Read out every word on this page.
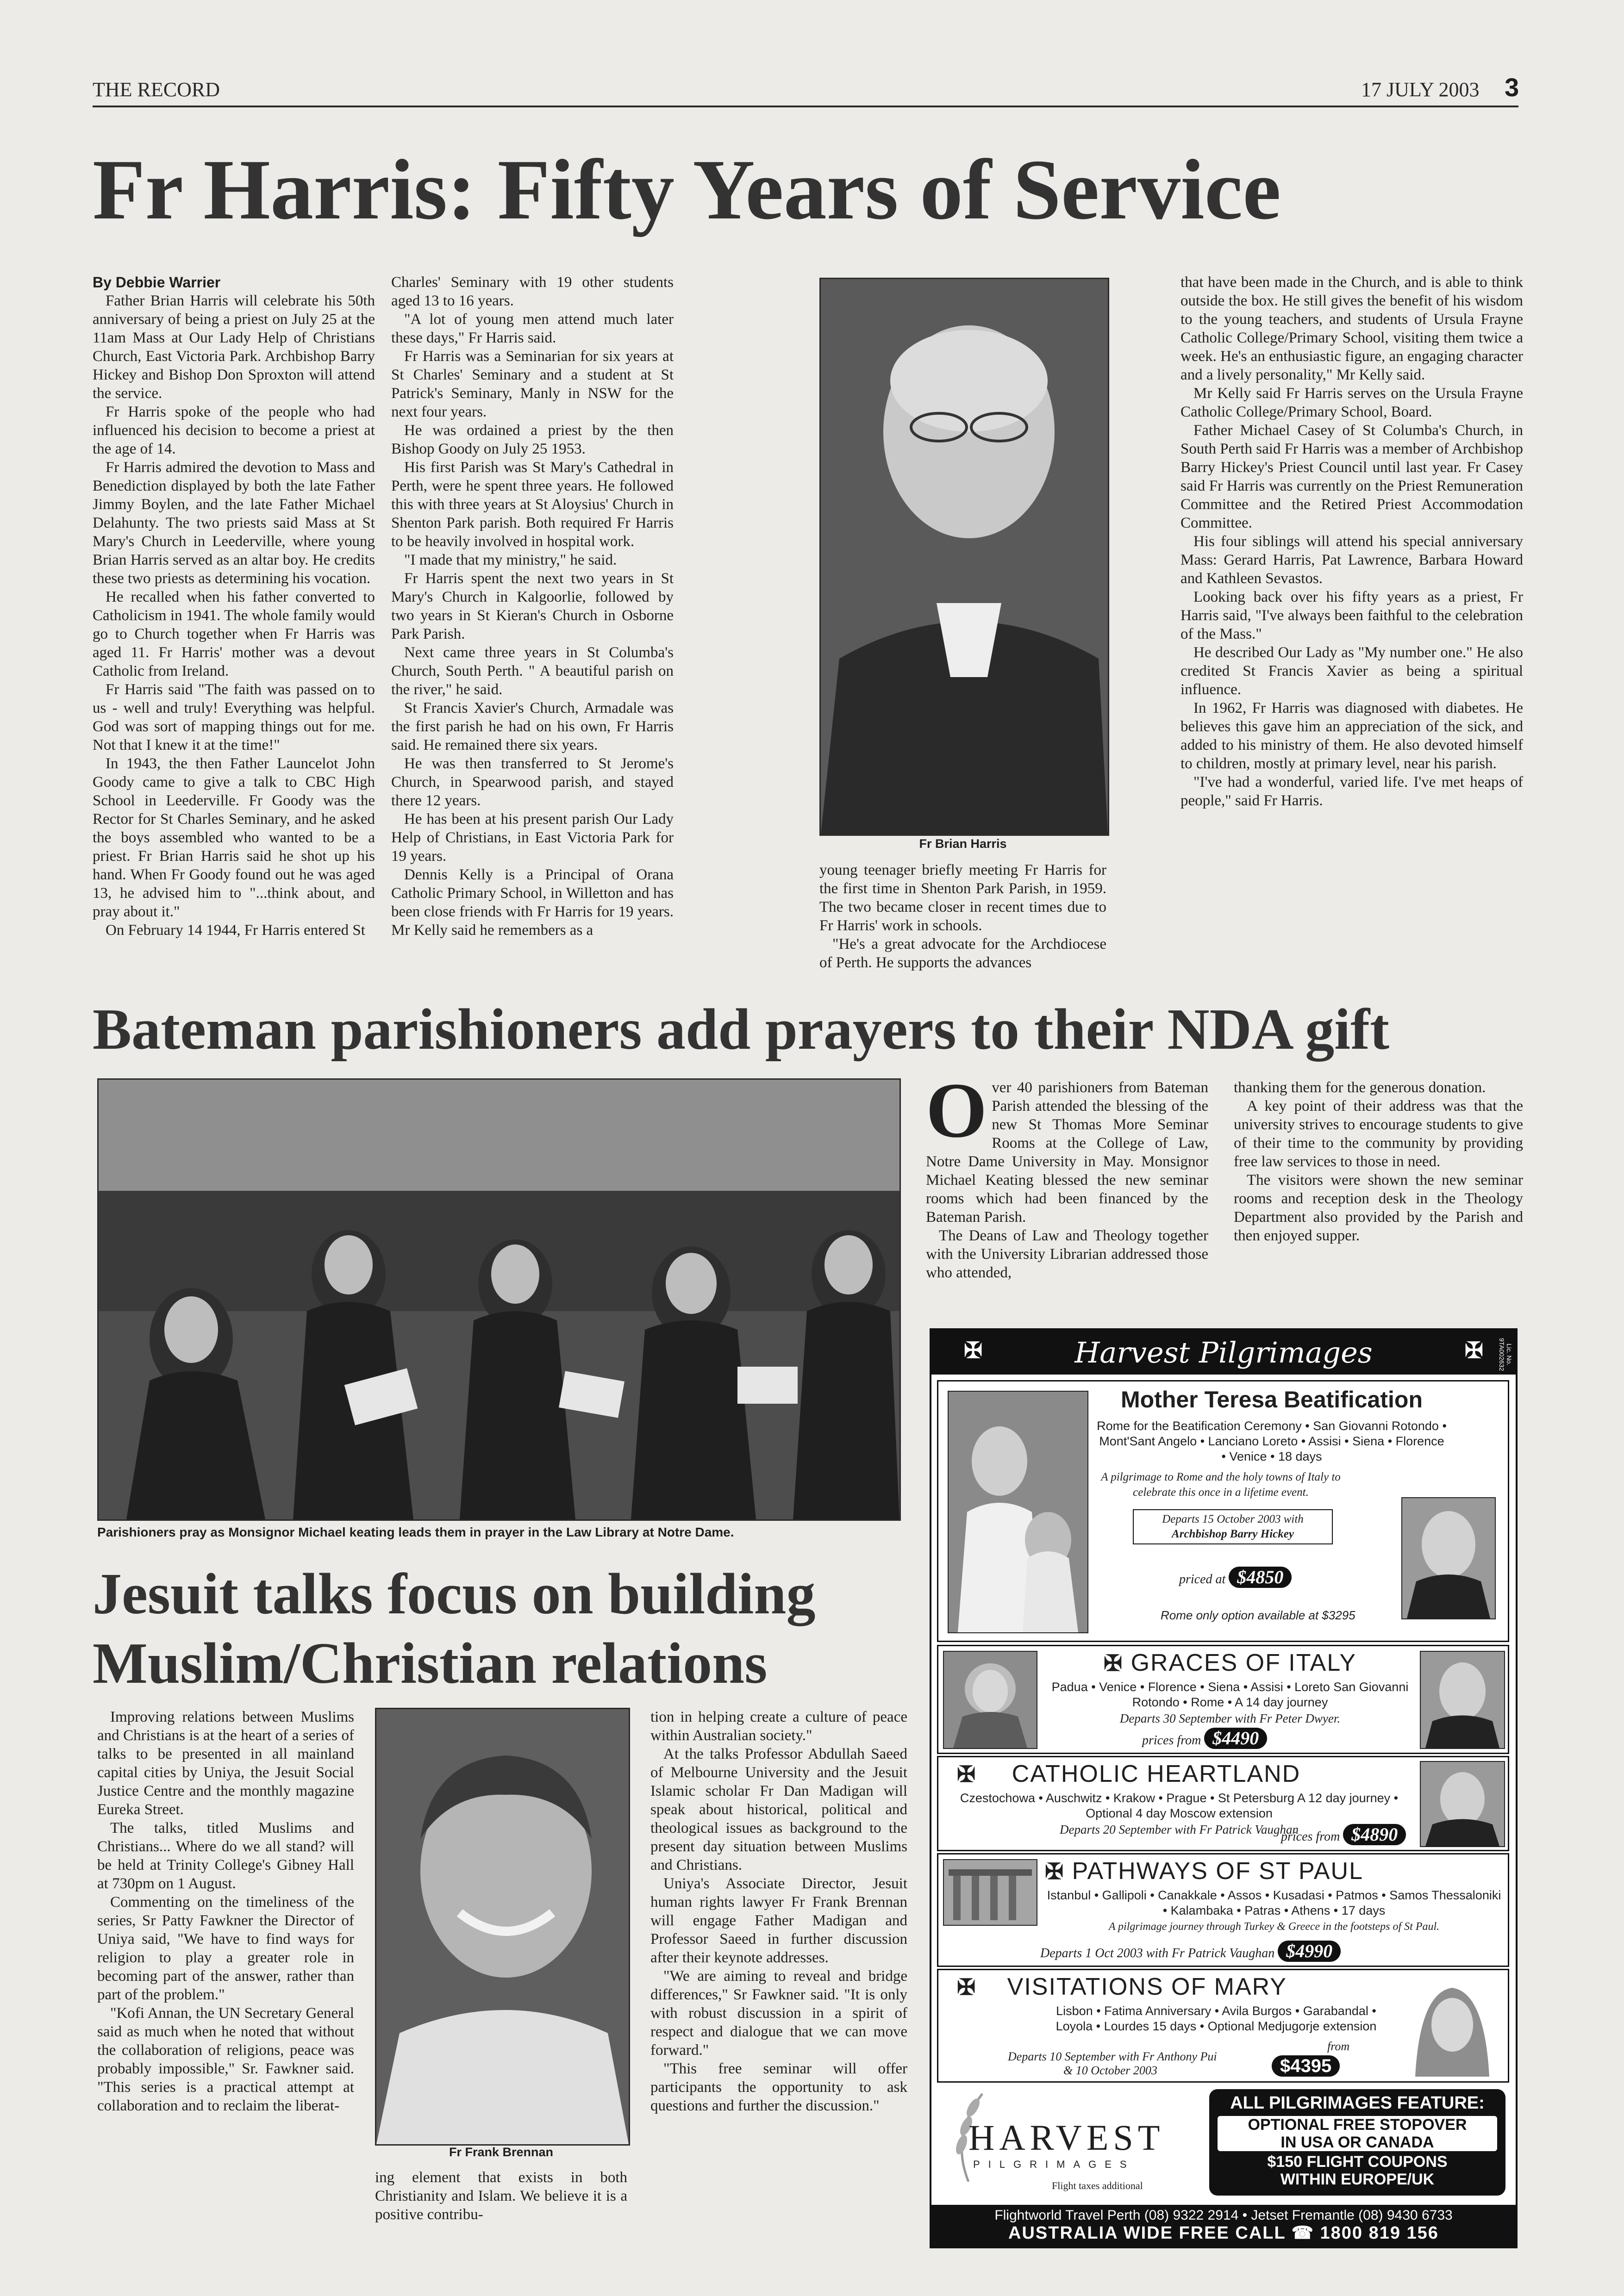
THE RECORD	17 JULY 2003 3
Fr Harris: Fifty Years of Service

By Debbie Warrier

Father Brian Harris will celebrate his 50th anniversary of being a priest on July 25 at the 11am Mass at Our Lady Help of Christians Church, East Victoria Park. Archbishop Barry Hickey and Bishop Don Sproxton will attend the service.

Fr Harris spoke of the people who had influenced his decision to become a priest at the age of 14.

Fr Harris admired the devotion to Mass and Benediction displayed by both the late Father Jimmy Boylen, and the late Father Michael Delahunty. The two priests said Mass at St Mary's Church in Leederville, where young Brian Harris served as an altar boy. He credits these two priests as determining his vocation.

He recalled when his father converted to Catholicism in 1941. The whole family would go to Church together when Fr Harris was aged 11. Fr Harris' mother was a devout Catholic from Ireland.

Fr Harris said "The faith was passed on to us - well and truly! Everything was helpful. God was sort of mapping things out for me. Not that I knew it at the time!"

In 1943, the then Father Launcelot John Goody came to give a talk to CBC High School in Leederville. Fr Goody was the Rector for St Charles Seminary, and he asked the boys assembled who wanted to be a priest. Fr Brian Harris said he shot up his hand. When Fr Goody found out he was aged 13, he advised him to "...think about, and pray about it."

On February 14 1944, Fr Harris entered St

Charles' Seminary with 19 other students aged 13 to 16 years.

"A lot of young men attend much later these days," Fr Harris said.

Fr Harris was a Seminarian for six years at St Charles' Seminary and a student at St Patrick's Seminary, Manly in NSW for the next four years.

He was ordained a priest by the then Bishop Goody on July 25 1953.

His first Parish was St Mary's Cathedral in Perth, were he spent three years. He followed this with three years at St Aloysius' Church in Shenton Park parish. Both required Fr Harris to be heavily involved in hospital work.

"I made that my ministry," he said.

Fr Harris spent the next two years in St Mary's Church in Kalgoorlie, followed by two years in St Kieran's Church in Osborne Park Parish.

Next came three years in St Columba's Church, South Perth. " A beautiful parish on the river," he said.

St Francis Xavier's Church, Armadale was the first parish he had on his own, Fr Harris said. He remained there six years.

He was then transferred to St Jerome's Church, in Spearwood parish, and stayed there 12 years.

He has been at his present parish Our Lady Help of Christians, in East Victoria Park for 19 years.

Dennis Kelly is a Principal of Orana Catholic Primary School, in Willetton and has been close friends with Fr Harris for 19 years. Mr Kelly said he remembers as a

Fr Brian Harris

young teenager briefly meeting Fr Harris for the first time in Shenton Park Parish, in 1959. The two became closer in recent times due to Fr Harris' work in schools.

"He's a great advocate for the Archdiocese of Perth. He supports the advances

that have been made in the Church, and is able to think outside the box. He still gives the benefit of his wisdom to the young teachers, and students of Ursula Frayne Catholic College/Primary School, visiting them twice a week. He's an enthusiastic figure, an engaging character and a lively personality," Mr Kelly said.

Mr Kelly said Fr Harris serves on the Ursula Frayne Catholic College/Primary School, Board.

Father Michael Casey of St Columba's Church, in South Perth said Fr Harris was a member of Archbishop Barry Hickey's Priest Council until last year. Fr Casey said Fr Harris was currently on the Priest Remuneration Committee and the Retired Priest Accommodation Committee.

His four siblings will attend his special anniversary Mass: Gerard Harris, Pat Lawrence, Barbara Howard and Kathleen Sevastos.

Looking back over his fifty years as a priest, Fr Harris said, "I've always been faithful to the celebration of the Mass."

He described Our Lady as "My number one." He also credited St Francis Xavier as being a spiritual influence.

In 1962, Fr Harris was diagnosed with diabetes. He believes this gave him an appreciation of the sick, and added to his ministry of them. He also devoted himself to children, mostly at primary level, near his parish.

"I've had a wonderful, varied life. I've met heaps of people," said Fr Harris.

Bateman parishioners add prayers to their NDA gift
Parishioners pray as Monsignor Michael keating leads them in prayer in the Law Library at Notre Dame.

Over 40 parishioners from Bateman Parish attended the blessing of the new St Thomas More Seminar Rooms at the College of Law, Notre Dame University in May. Monsignor Michael Keating blessed the new seminar rooms which had been financed by the Bateman Parish.

The Deans of Law and Theology together with the University Librarian addressed those who attended,

thanking them for the generous donation.

A key point of their address was that the university strives to encourage students to give of their time to the community by providing free law services to those in need.

The visitors were shown the new seminar rooms and reception desk in the Theology Department also provided by the Parish and then enjoyed supper.

Jesuit talks focus on building
Muslim/Christian relations

Improving relations between Muslims and Christians is at the heart of a series of talks to be presented in all mainland capital cities by Uniya, the Jesuit Social Justice Centre and the monthly magazine Eureka Street.

The talks, titled Muslims and Christians... Where do we all stand? will be held at Trinity College's Gibney Hall at 730pm on 1 August.

Commenting on the timeliness of the series, Sr Patty Fawkner the Director of Uniya said, "We have to find ways for religion to play a greater role in becoming part of the answer, rather than part of the problem."

"Kofi Annan, the UN Secretary General said as much when he noted that without the collaboration of religions, peace was probably impossible," Sr. Fawkner said. "This series is a practical attempt at collaboration and to reclaim the liberat-

Fr Frank Brennan

ing element that exists in both Christianity and Islam. We believe it is a positive contribu-

tion in helping create a culture of peace within Australian society."

At the talks Professor Abdullah Saeed of Melbourne University and the Jesuit Islamic scholar Fr Dan Madigan will speak about historical, political and theological issues as background to the present day situation between Muslims and Christians.

Uniya's Associate Director, Jesuit human rights lawyer Fr Frank Brennan will engage Father Madigan and Professor Saeed in further discussion after their keynote addresses.

"We are aiming to reveal and bridge differences," Sr Fawkner said. "It is only with robust discussion in a spirit of respect and dialogue that we can move forward."

"This free seminar will offer participants the opportunity to ask questions and further the discussion."

✠	Harvest Pilgrimages	✠	Lic. No. 9TA002632
Mother Teresa Beatification
Rome for the Beatification Ceremony • San Giovanni Rotondo • Mont'Sant Angelo • Lanciano Loreto • Assisi • Siena • Florence • Venice • 18 days
A pilgrimage to Rome and the holy towns of Italy to celebrate this once in a lifetime event.
Departs 15 October 2003 with
Archbishop Barry Hickey
priced at $4850
Rome only option available at $3295
✠ GRACES OF ITALY
Padua • Venice • Florence • Siena • Assisi • Loreto San Giovanni Rotondo • Rome • A 14 day journey
Departs 30 September with Fr Peter Dwyer.
prices from $4490
✠ CATHOLIC HEARTLAND
Czestochowa • Auschwitz • Krakow • Prague • St Petersburg A 12 day journey • Optional 4 day Moscow extension
Departs 20 September with Fr Patrick Vaughan
prices from $4890
✠ PATHWAYS OF ST PAUL
Istanbul • Gallipoli • Canakkale • Assos • Kusadasi • Patmos • Samos Thessaloniki • Kalambaka • Patras • Athens • 17 days
A pilgrimage journey through Turkey & Greece in the footsteps of St Paul.
Departs 1 Oct 2003 with Fr Patrick Vaughan $4990
✠ VISITATIONS OF MARY
Lisbon • Fatima Anniversary • Avila Burgos • Garabandal • Loyola • Lourdes 15 days • Optional Medjugorje extension
Departs 10 September with Fr Anthony Pui
& 10 October 2003
from
$4395
HARVEST
PILGRIMAGES
Flight taxes additional
ALL PILGRIMAGES FEATURE:
OPTIONAL FREE STOPOVER
IN USA OR CANADA
$150 FLIGHT COUPONS
WITHIN EUROPE/UK
Flightworld Travel Perth (08) 9322 2914 • Jetset Fremantle (08) 9430 6733
AUSTRALIA WIDE FREE CALL ☎ 1800 819 156
